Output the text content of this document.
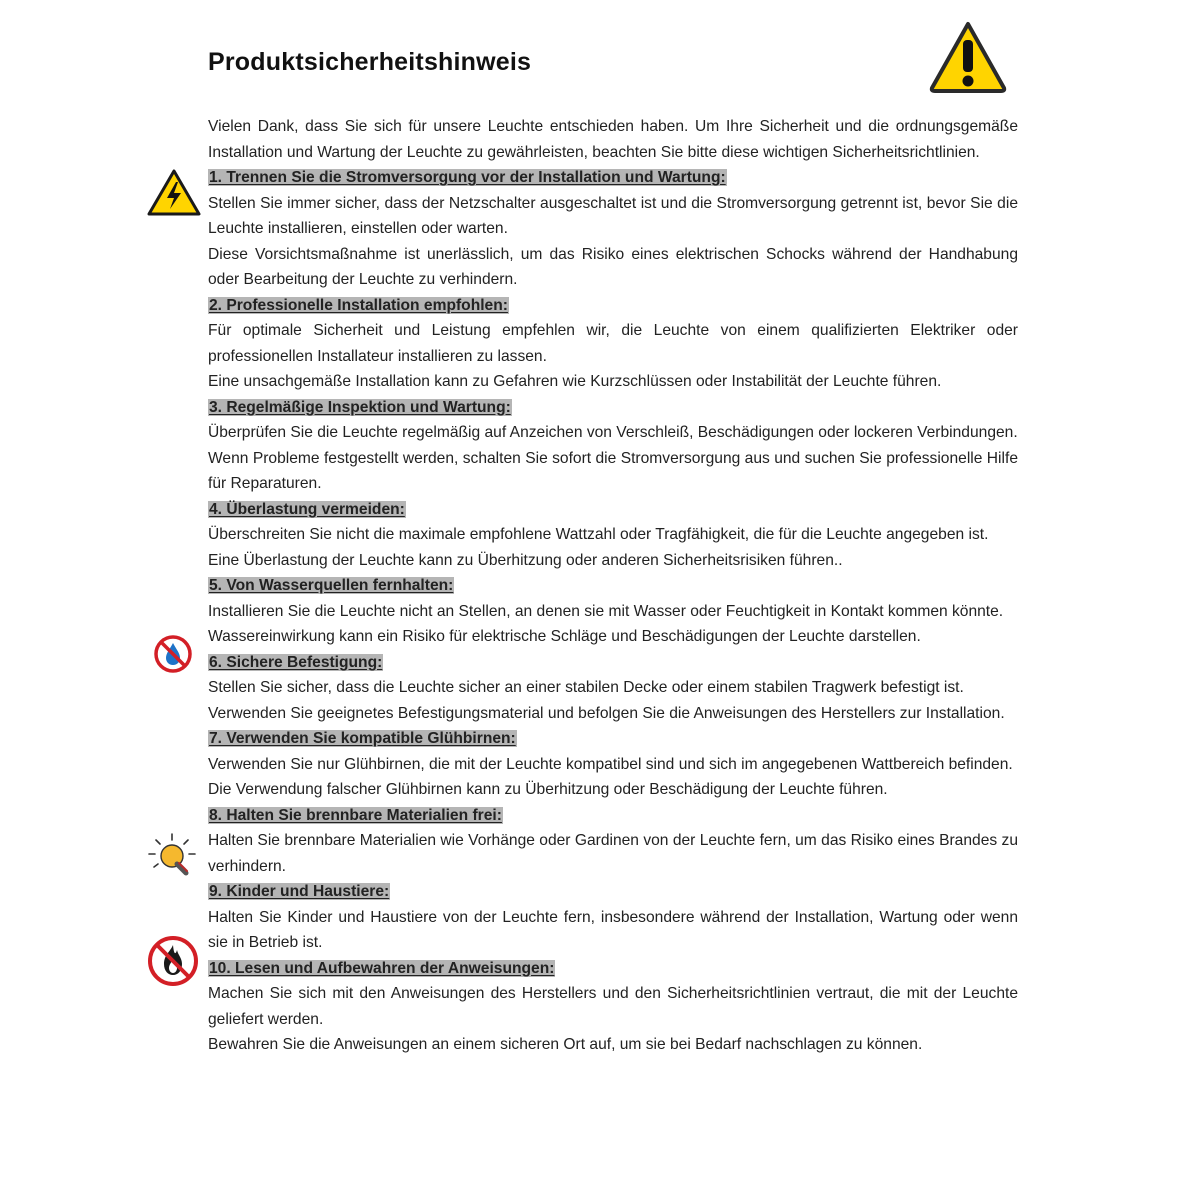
Produktsicherheitshinweis

Vielen Dank, dass Sie sich für unsere Leuchte entschieden haben. Um Ihre Sicherheit und die ordnungsgemäße Installation und Wartung der Leuchte zu gewährleisten, beachten Sie bitte diese wichtigen Sicherheitsrichtlinien.

1. Trennen Sie die Stromversorgung vor der Installation und Wartung:

Stellen Sie immer sicher, dass der Netzschalter ausgeschaltet ist und die Stromversorgung getrennt ist, bevor Sie die Leuchte installieren, einstellen oder warten.

Diese Vorsichtsmaßnahme ist unerlässlich, um das Risiko eines elektrischen Schocks während der Handhabung oder Bearbeitung der Leuchte zu verhindern.

2. Professionelle Installation empfohlen:

Für optimale Sicherheit und Leistung empfehlen wir, die Leuchte von einem qualifizierten Elektriker oder professionellen Installateur installieren zu lassen.

Eine unsachgemäße Installation kann zu Gefahren wie Kurzschlüssen oder Instabilität der Leuchte führen.

3. Regelmäßige Inspektion und Wartung:

Überprüfen Sie die Leuchte regelmäßig auf Anzeichen von Verschleiß, Beschädigungen oder lockeren Verbindungen.

Wenn Probleme festgestellt werden, schalten Sie sofort die Stromversorgung aus und suchen Sie professionelle Hilfe für Reparaturen.

4. Überlastung vermeiden:

Überschreiten Sie nicht die maximale empfohlene Wattzahl oder Tragfähigkeit, die für die Leuchte angegeben ist.

Eine Überlastung der Leuchte kann zu Überhitzung oder anderen Sicherheitsrisiken führen..

5. Von Wasserquellen fernhalten:

Installieren Sie die Leuchte nicht an Stellen, an denen sie mit Wasser oder Feuchtigkeit in Kontakt kommen könnte.

Wassereinwirkung kann ein Risiko für elektrische Schläge und Beschädigungen der Leuchte darstellen.

6. Sichere Befestigung:

Stellen Sie sicher, dass die Leuchte sicher an einer stabilen Decke oder einem stabilen Tragwerk befestigt ist.

Verwenden Sie geeignetes Befestigungsmaterial und befolgen Sie die Anweisungen des Herstellers zur Installation.

7. Verwenden Sie kompatible Glühbirnen:

Verwenden Sie nur Glühbirnen, die mit der Leuchte kompatibel sind und sich im angegebenen Wattbereich befinden.

Die Verwendung falscher Glühbirnen kann zu Überhitzung oder Beschädigung der Leuchte führen.

8. Halten Sie brennbare Materialien frei:

Halten Sie brennbare Materialien wie Vorhänge oder Gardinen von der Leuchte fern, um das Risiko eines Brandes zu verhindern.

9. Kinder und Haustiere:

Halten Sie Kinder und Haustiere von der Leuchte fern, insbesondere während der Installation, Wartung oder wenn sie in Betrieb ist.

10. Lesen und Aufbewahren der Anweisungen:

Machen Sie sich mit den Anweisungen des Herstellers und den Sicherheitsrichtlinien vertraut, die mit der Leuchte geliefert werden.

Bewahren Sie die Anweisungen an einem sicheren Ort auf, um sie bei Bedarf nachschlagen zu können.
